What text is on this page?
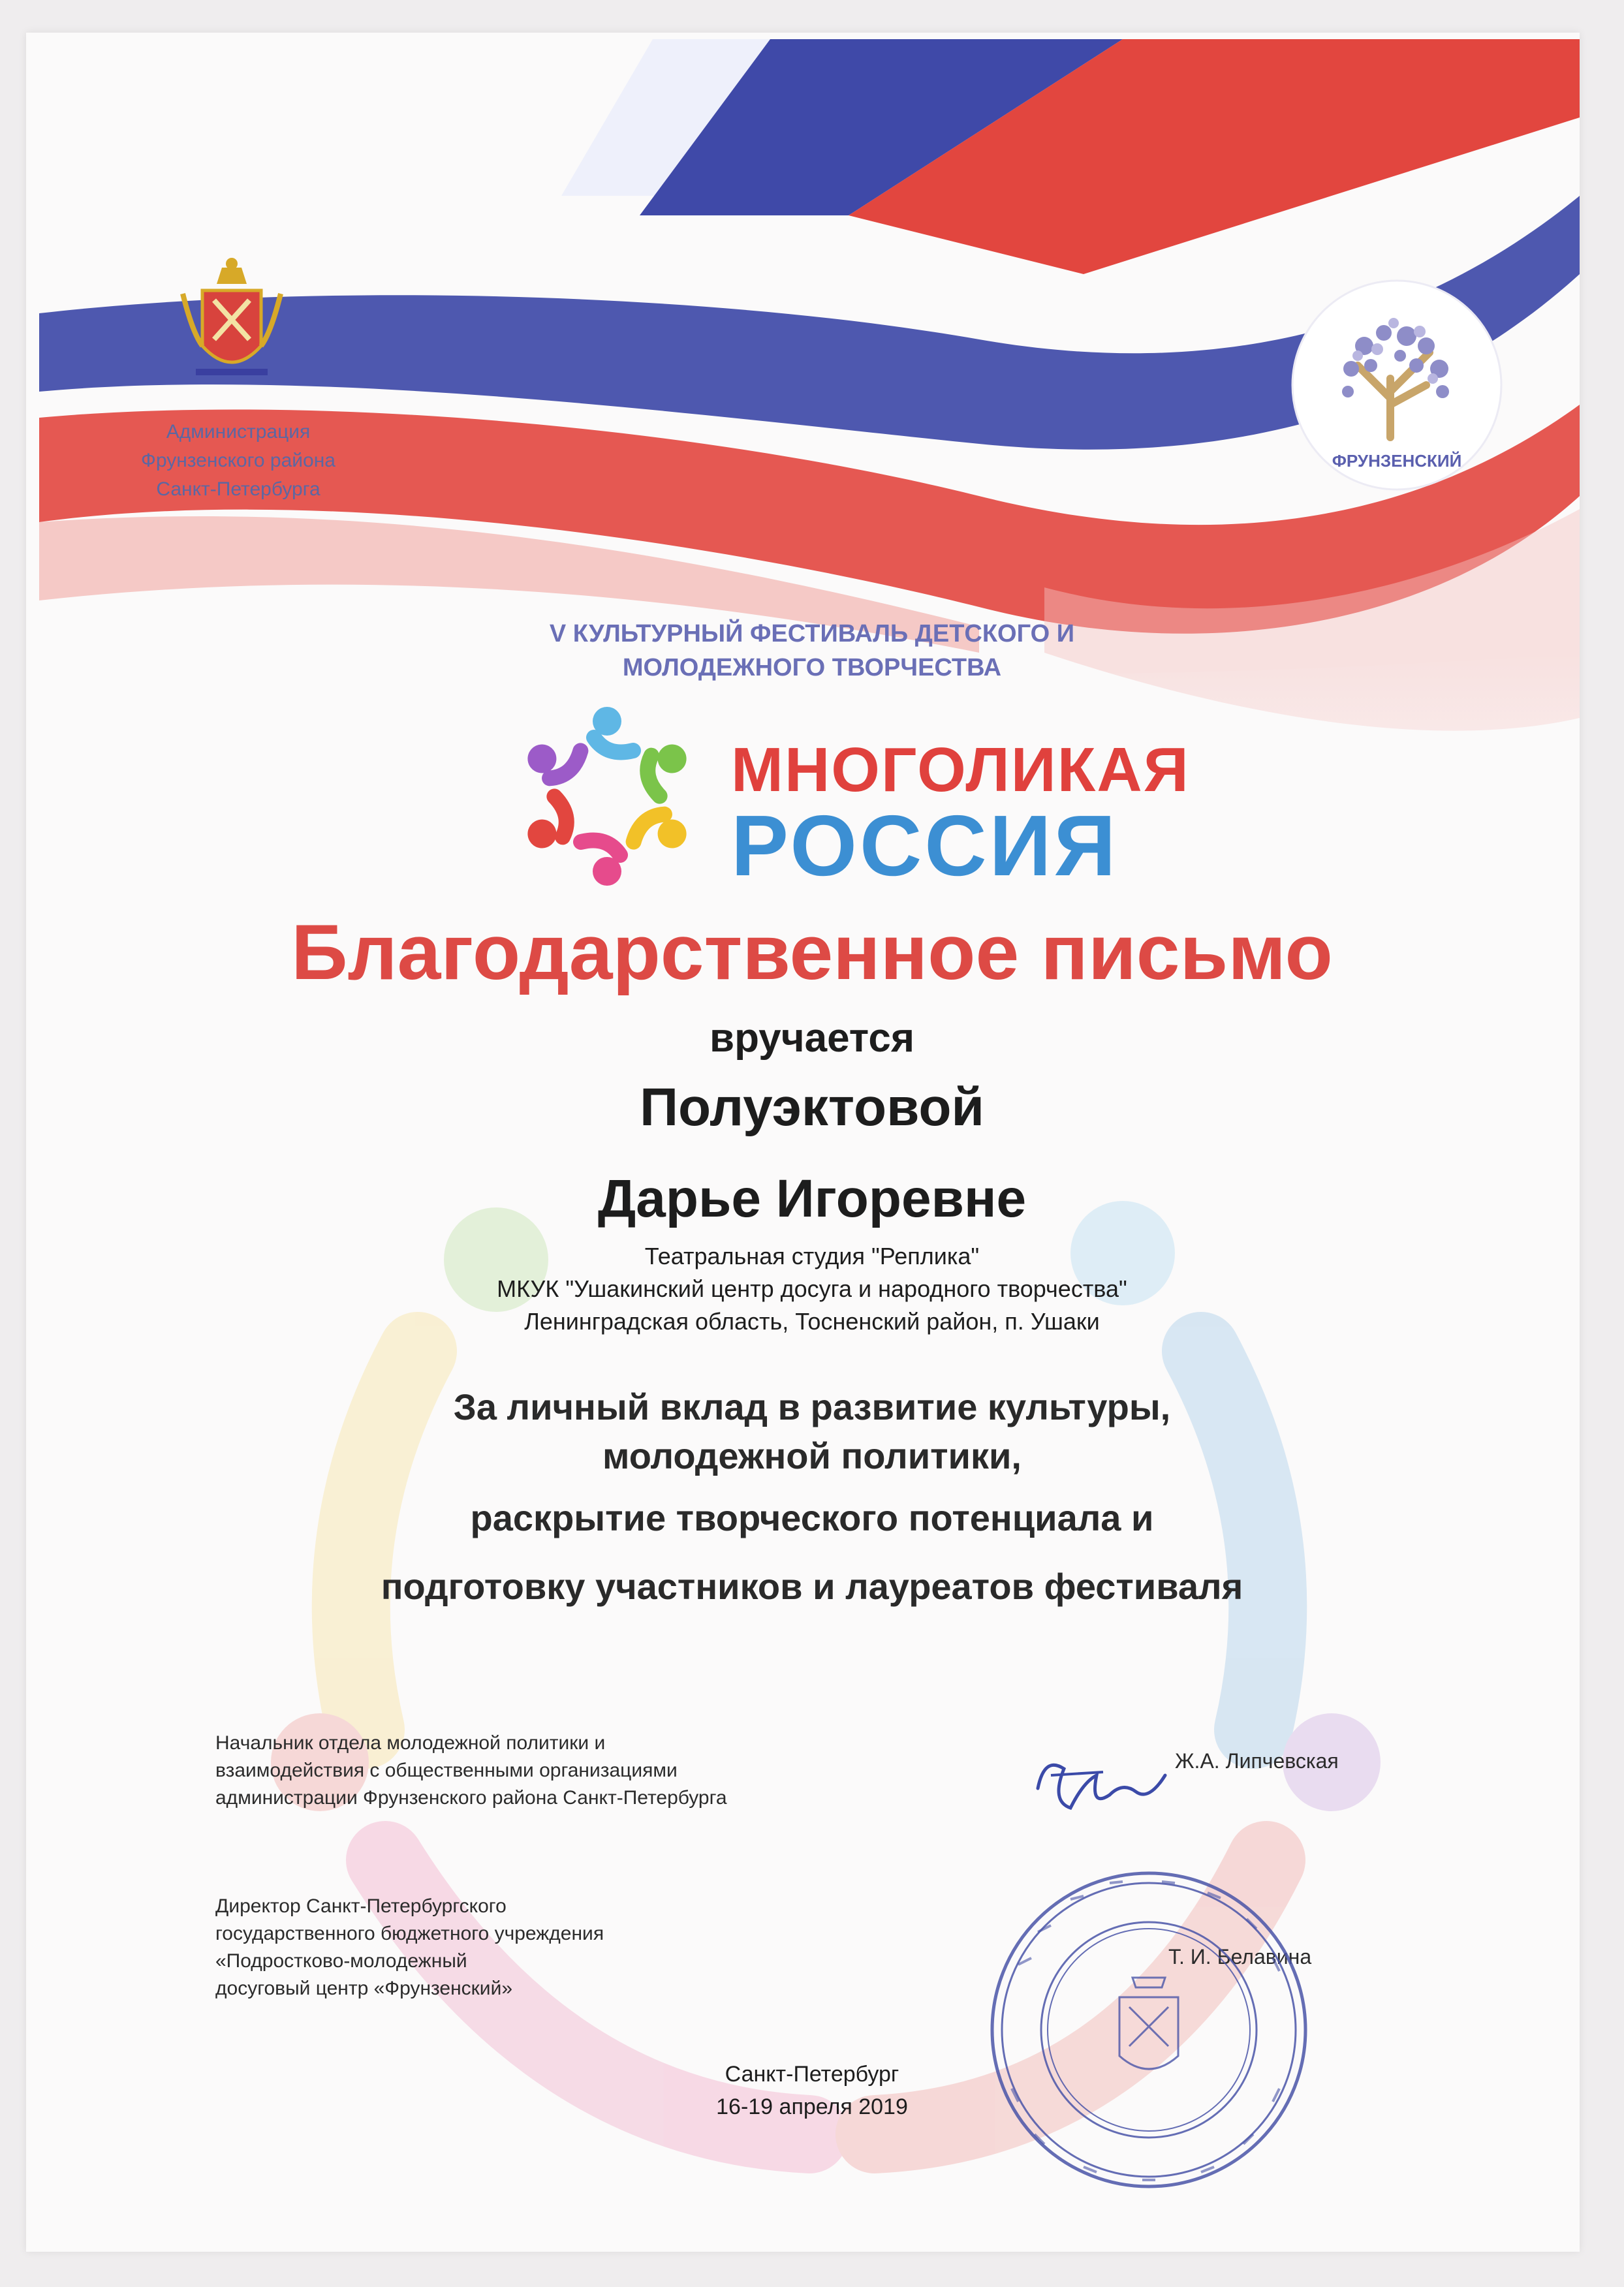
Администрация
Фрунзенского района
Санкт-Петербурга
ФРУНЗЕНСКИЙ
V КУЛЬТУРНЫЙ ФЕСТИВАЛЬ ДЕТСКОГО И
МОЛОДЕЖНОГО ТВОРЧЕСТВА
МНОГОЛИКАЯ
РОССИЯ
Благодарственное письмо
вручается
Полуэктовой
Дарье Игоревне
Театральная студия "Реплика"
МКУК "Ушакинский центр досуга и народного творчества"
Ленинградская область, Тосненский район, п. Ушаки
За личный вклад в развитие культуры,
молодежной политики,
раскрытие творческого потенциала и
подготовку участников и лауреатов фестиваля
Начальник отдела молодежной политики и
взаимодействия с общественными организациями
администрации Фрунзенского района Санкт-Петербурга
Ж.А. Липчевская
Директор Санкт-Петербургского
государственного бюджетного учреждения
«Подростково-молодежный
досуговый центр «Фрунзенский»
Т. И. Белавина
Санкт-Петербург
16-19 апреля 2019
